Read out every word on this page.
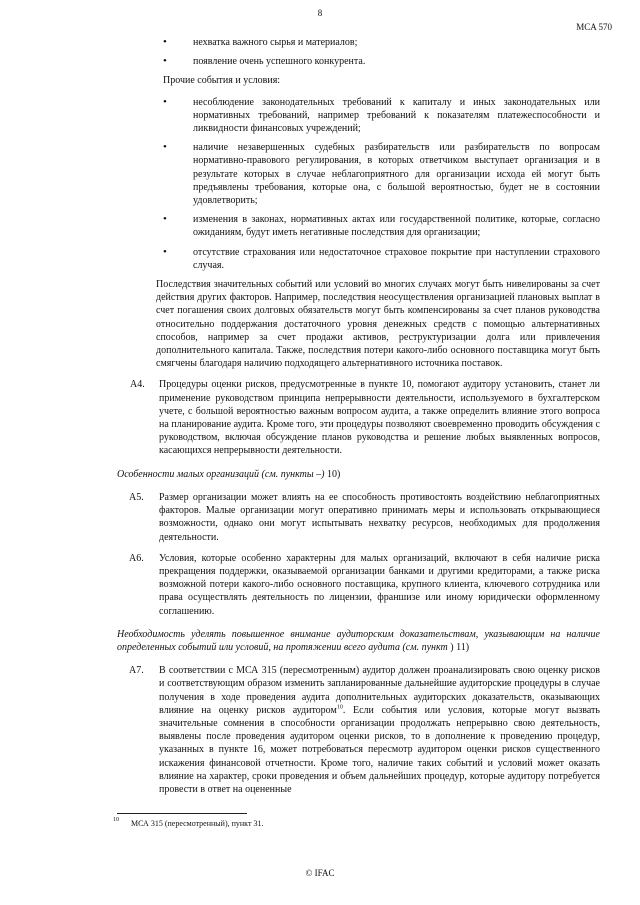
8
MCA 570
•	нехватка важного сырья и материалов;
•	появление очень успешного конкурента.
Прочие события и условия:
•	несоблюдение законодательных требований к капиталу и иных законодательных или нормативных требований, например требований к показателям платежеспособности и ликвидности финансовых учреждений;
•	наличие незавершенных судебных разбирательств или разбирательств по вопросам нормативно-правового регулирования, в которых ответчиком выступает организация и в результате которых в случае неблагоприятного для организации исхода ей могут быть предъявлены требования, которые она, с большой вероятностью, будет не в состоянии удовлетворить;
•	изменения в законах, нормативных актах или государственной политике, которые, согласно ожиданиям, будут иметь негативные последствия для организации;
•	отсутствие страхования или недостаточное страховое покрытие при наступлении страхового случая.
Последствия значительных событий или условий во многих случаях могут быть нивелированы за счет действия других факторов. Например, последствия неосуществления организацией плановых выплат в счет погашения своих долговых обязательств могут быть компенсированы за счет планов руководства относительно поддержания достаточного уровня денежных средств с помощью альтернативных способов, например за счет продажи активов, реструктуризации долга или привлечения дополнительного капитала. Также, последствия потери какого-либо основного поставщика могут быть смягчены благодаря наличию подходящего альтернативного источника поставок.
A4. Процедуры оценки рисков, предусмотренные в пункте 10, помогают аудитору установить, станет ли применение руководством принципа непрерывности деятельности, используемого в бухгалтерском учете, с большой вероятностью важным вопросом аудита, а также определить влияние этого вопроса на планирование аудита. Кроме того, эти процедуры позволяют своевременно проводить обсуждения с руководством, включая обсуждение планов руководства и решение любых выявленных вопросов, касающихся непрерывности деятельности.
Особенности малых организаций (см. пункты –) 10)
A5. Размер организации может влиять на ее способность противостоять воздействию неблагоприятных факторов. Малые организации могут оперативно принимать меры и использовать открывающиеся возможности, однако они могут испытывать нехватку ресурсов, необходимых для продолжения деятельности.
A6. Условия, которые особенно характерны для малых организаций, включают в себя наличие риска прекращения поддержки, оказываемой организации банками и другими кредиторами, а также риска возможной потери какого-либо основного поставщика, крупного клиента, ключевого сотрудника или права осуществлять деятельность по лицензии, франшизе или иному юридически оформленному соглашению.
Необходимость уделять повышенное внимание аудиторским доказательствам, указывающим на наличие определенных событий или условий, на протяжении всего аудита (см. пункт ) 11)
A7. В соответствии с МСА 315 (пересмотренным) аудитор должен проанализировать свою оценку рисков и соответствующим образом изменить запланированные дальнейшие аудиторские процедуры в случае получения в ходе проведения аудита дополнительных аудиторских доказательств, оказывающих влияние на оценку рисков аудитором$^{10}$. Если события или условия, которые могут вызвать значительные сомнения в способности организации продолжать непрерывно свою деятельность, выявлены после проведения аудитором оценки рисков, то в дополнение к проведению процедур, указанных в пункте 16, может потребоваться пересмотр аудитором оценки рисков существенного искажения финансовой отчетности. Кроме того, наличие таких событий и условий может оказать влияние на характер, сроки проведения и объем дальнейших процедур, которые аудитору потребуется провести в ответ на оцененные
10 МСА 315 (пересмотренный), пункт 31.
© IFAC
